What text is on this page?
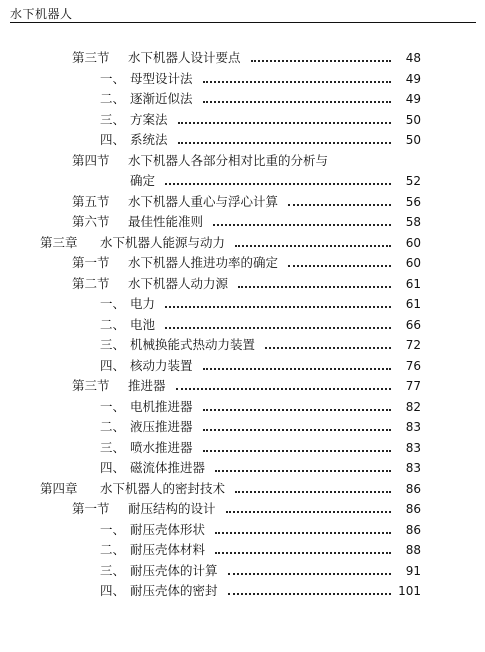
水下机器人
第三节 水下机器人设计要点	48
一、 母型设计法	49
二、 逐渐近似法	49
三、 方案法	50
四、 系统法	50
第四节 水下机器人各部分相对比重的分析与
确定	52
第五节 水下机器人重心与浮心计算	56
第六节 最佳性能准则	58
第三章 水下机器人能源与动力	60
第一节 水下机器人推进功率的确定	60
第二节 水下机器人动力源	61
一、 电力	61
二、 电池	66
三、 机械换能式热动力装置	72
四、 核动力装置	76
第三节 推进器	77
一、 电机推进器	82
二、 液压推进器	83
三、 喷水推进器	83
四、 磁流体推进器	83
第四章 水下机器人的密封技术	86
第一节 耐压结构的设计	86
一、 耐压壳体形状	86
二、 耐压壳体材料	88
三、 耐压壳体的计算	91
四、 耐压壳体的密封	101
